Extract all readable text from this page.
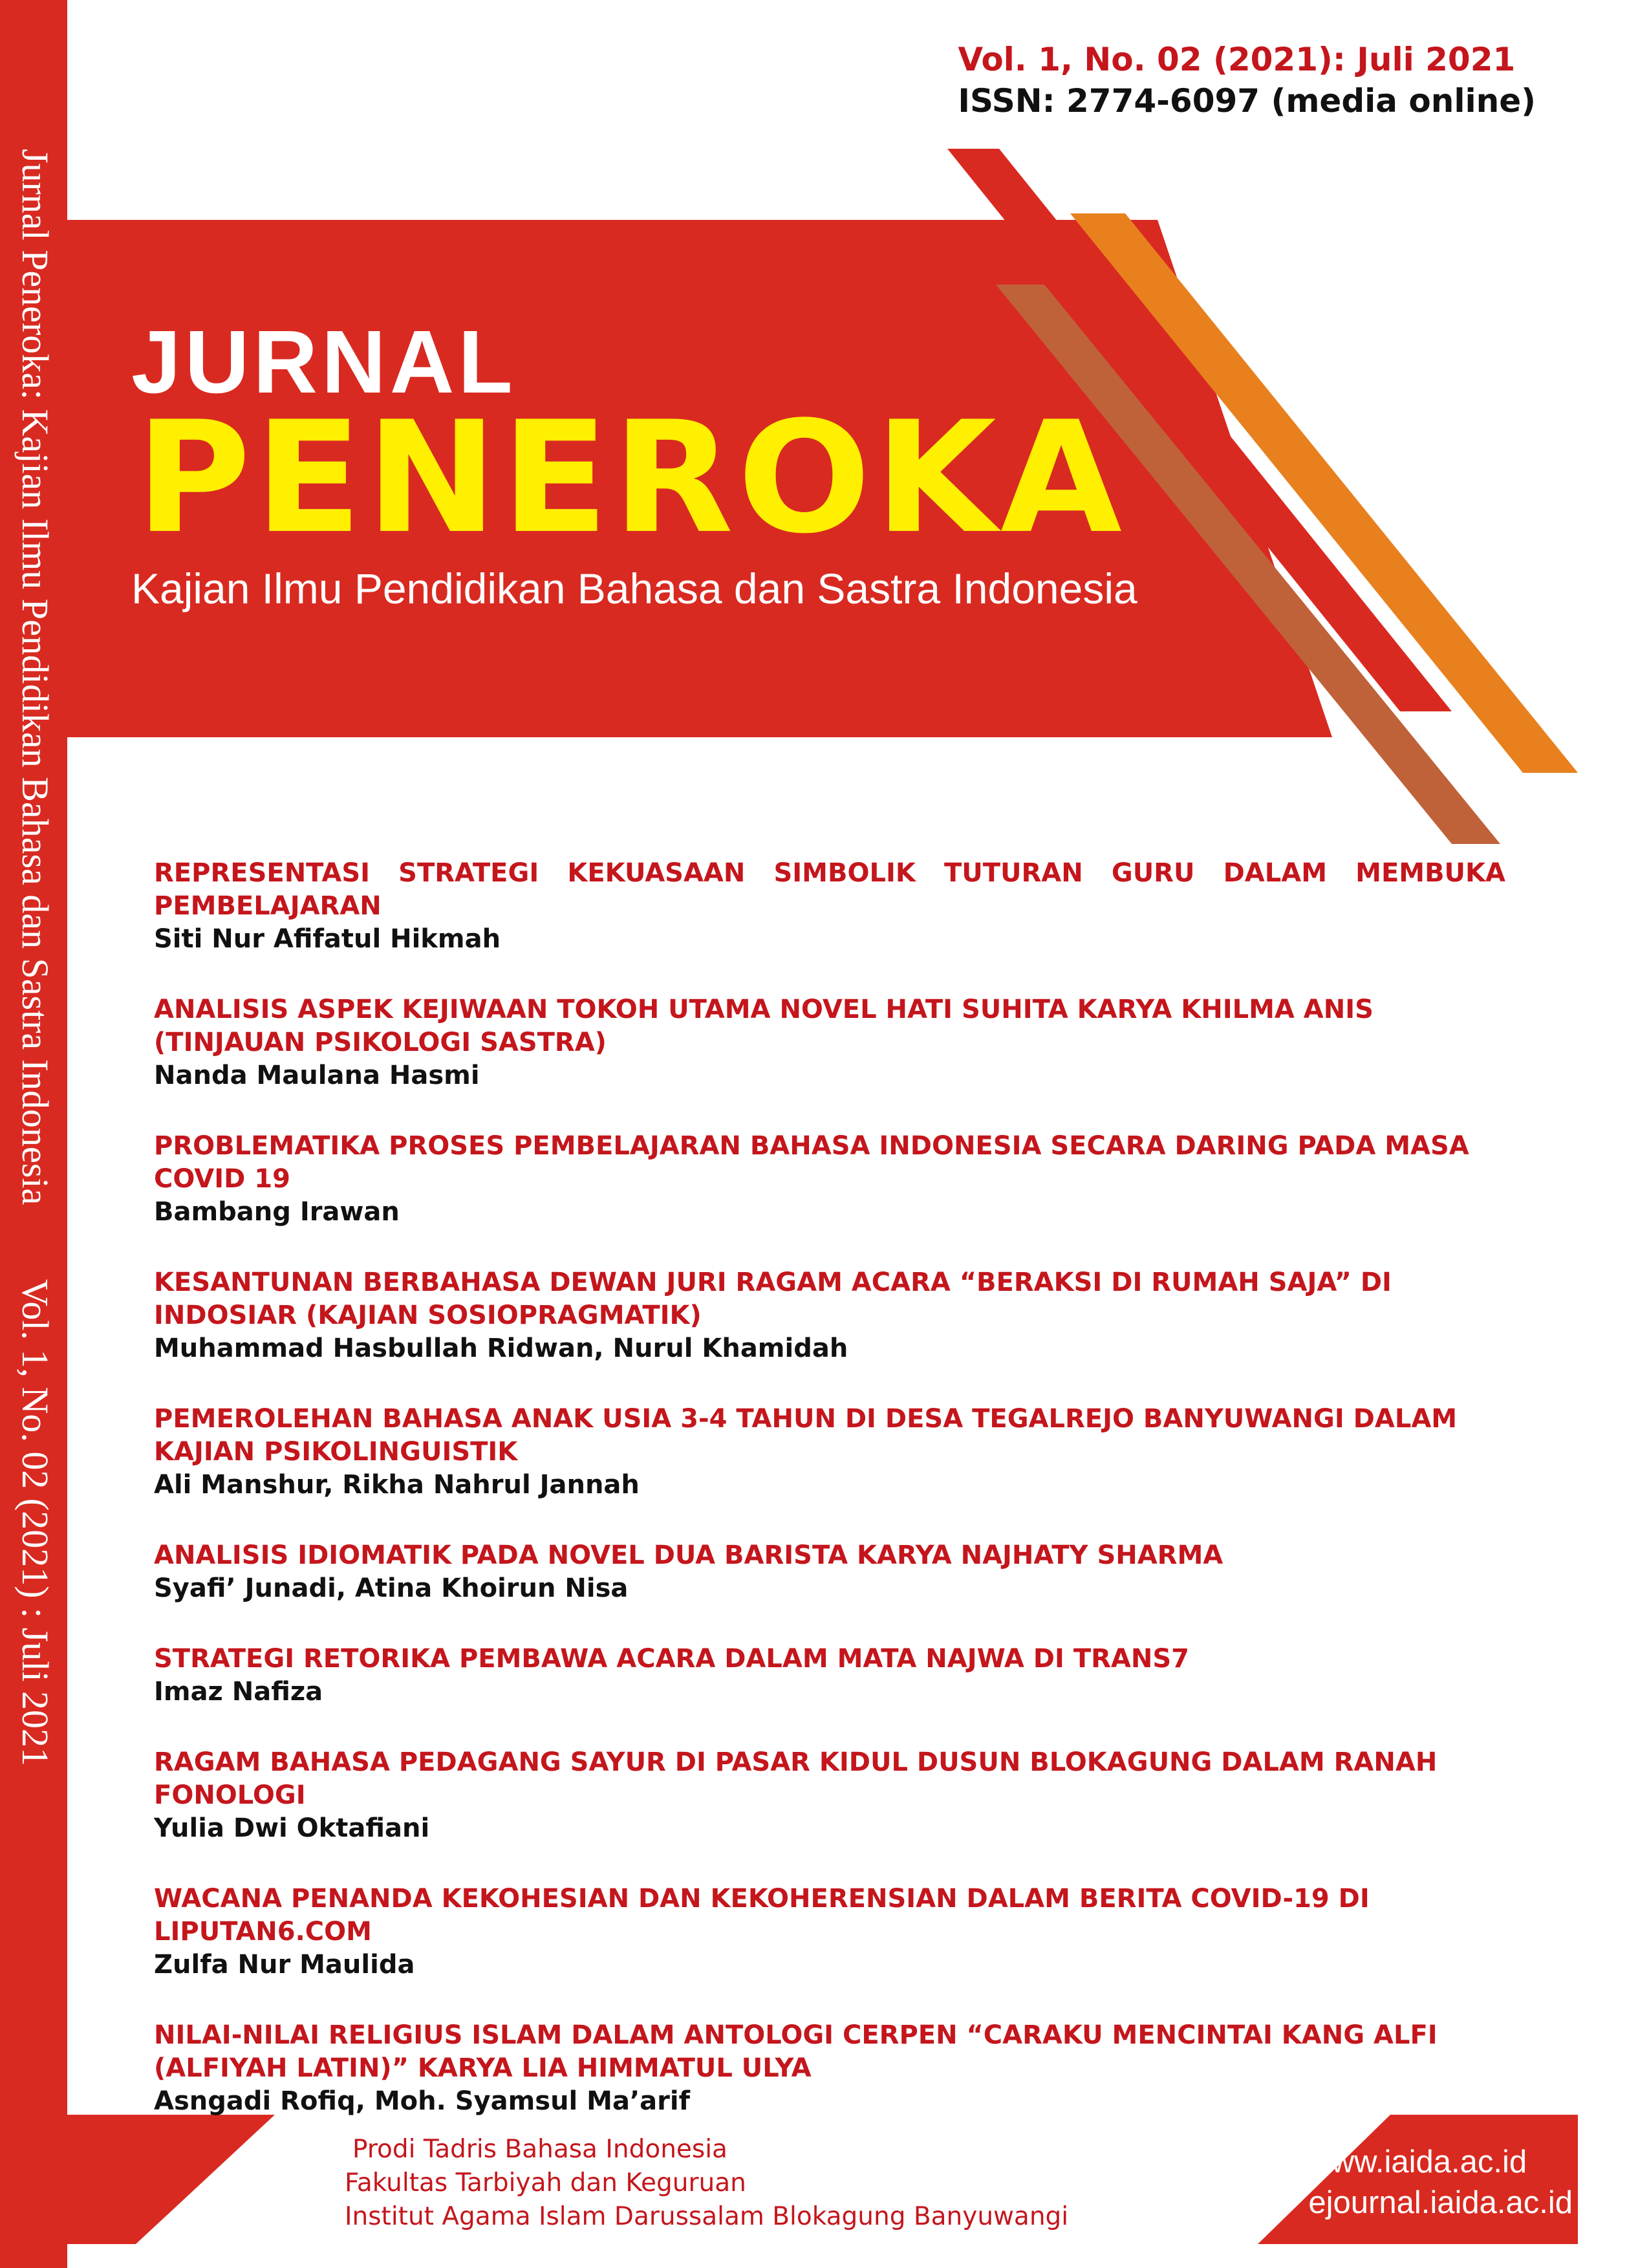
Jurnal Peneroka: Kajian Ilmu Pendidikan Bahasa dan Sastra Indonesia
Vol. 1, No. 02 (2021) : Juli 2021
Vol. 1, No. 02 (2021): Juli 2021
ISSN: 2774-6097 (media online)
JURNAL
PENEROKA
Kajian Ilmu Pendidikan Bahasa dan Sastra Indonesia
REPRESENTASI STRATEGI KEKUASAAN SIMBOLIK TUTURAN GURU DALAM MEMBUKA PEMBELAJARAN
Siti Nur Afifatul Hikmah
ANALISIS ASPEK KEJIWAAN TOKOH UTAMA NOVEL HATI SUHITA KARYA KHILMA ANIS (TINJAUAN PSIKOLOGI SASTRA)
Nanda Maulana Hasmi
PROBLEMATIKA PROSES PEMBELAJARAN BAHASA INDONESIA SECARA DARING PADA MASA COVID 19
Bambang Irawan
KESANTUNAN BERBAHASA DEWAN JURI RAGAM ACARA “BERAKSI DI RUMAH SAJA” DI INDOSIAR (KAJIAN SOSIOPRAGMATIK)
Muhammad Hasbullah Ridwan, Nurul Khamidah
PEMEROLEHAN BAHASA ANAK USIA 3-4 TAHUN DI DESA TEGALREJO BANYUWANGI DALAM KAJIAN PSIKOLINGUISTIK
Ali Manshur, Rikha Nahrul Jannah
ANALISIS IDIOMATIK PADA NOVEL DUA BARISTA KARYA NAJHATY SHARMA
Syafi’ Junadi, Atina Khoirun Nisa
STRATEGI RETORIKA PEMBAWA ACARA DALAM MATA NAJWA DI TRANS7
Imaz Nafiza
RAGAM BAHASA PEDAGANG SAYUR DI PASAR KIDUL DUSUN BLOKAGUNG DALAM RANAH FONOLOGI
Yulia Dwi Oktafiani
WACANA PENANDA KEKOHESIAN DAN KEKOHERENSIAN DALAM BERITA COVID-19 DI LIPUTAN6.COM
Zulfa Nur Maulida
NILAI-NILAI RELIGIUS ISLAM DALAM ANTOLOGI CERPEN “CARAKU MENCINTAI KANG ALFI (ALFIYAH LATIN)” KARYA LIA HIMMATUL ULYA
Asngadi Rofiq, Moh. Syamsul Ma’arif
Prodi Tadris Bahasa Indonesia
Fakultas Tarbiyah dan Keguruan
Institut Agama Islam Darussalam Blokagung Banyuwangi
www.iaida.ac.id
ejournal.iaida.ac.id
